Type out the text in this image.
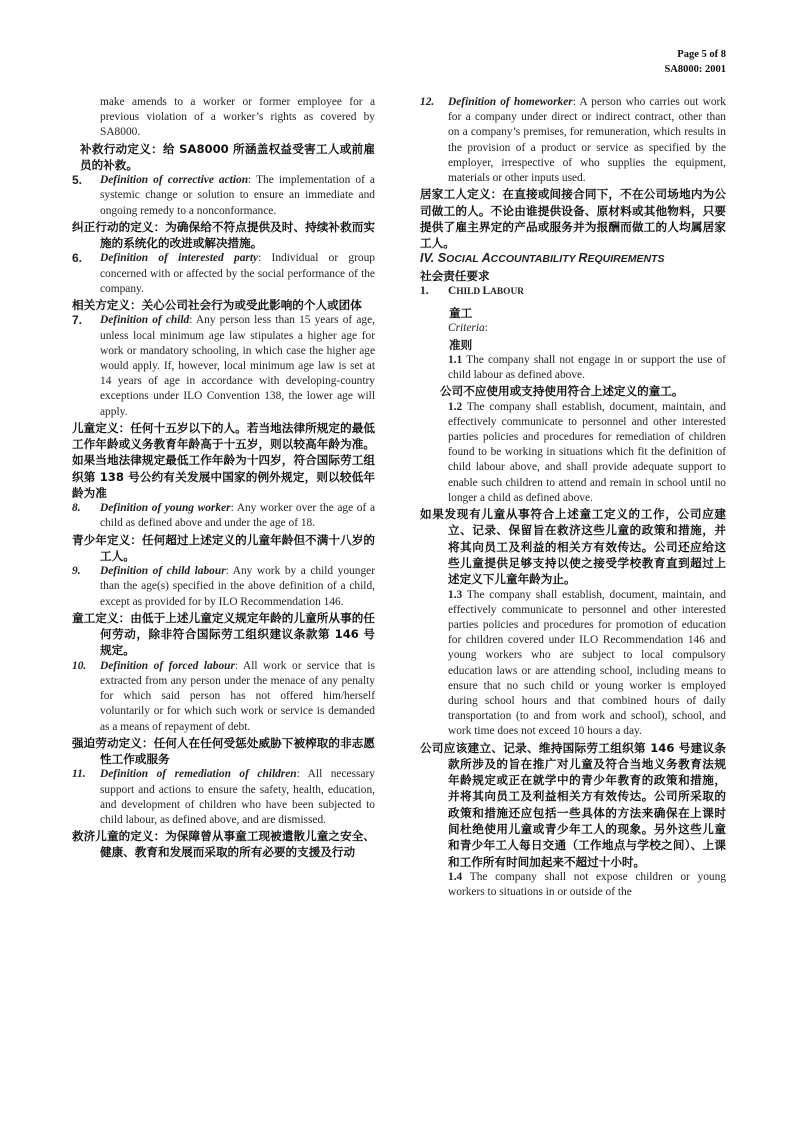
Page 5 of 8
SA8000: 2001

make amends to a worker or former employee for a previous violation of a worker’s rights as covered by SA8000.

补救行动定义：给 SA8000 所涵盖权益受害工人或前雇员的补救。

5.	Definition of corrective action: The implementation of a systemic change or solution to ensure an immediate and ongoing remedy to a nonconformance.

纠正行动的定义：为确保给不符点提供及时、持续补救而实施的系统化的改进或解决措施。

6.	Definition of interested party: Individual or group concerned with or affected by the social performance of the company.

相关方定义：关心公司社会行为或受此影响的个人或团体

7.	Definition of child: Any person less than 15 years of age, unless local minimum age law stipulates a higher age for work or mandatory schooling, in which case the higher age would apply. If, however, local minimum age law is set at 14 years of age in accordance with developing-country exceptions under ILO Convention 138, the lower age will apply.

儿童定义：任何十五岁以下的人。若当地法律所规定的最低工作年龄或义务教育年龄高于十五岁，则以较高年龄为准。如果当地法律规定最低工作年龄为十四岁，符合国际劳工组织第 138 号公约有关发展中国家的例外规定，则以较低年龄为准

8.	Definition of young worker: Any worker over the age of a child as defined above and under the age of 18.

青少年定义：任何超过上述定义的儿童年龄但不满十八岁的工人。

9.	Definition of child labour: Any work by a child younger than the age(s) specified in the above definition of a child, except as provided for by ILO Recommendation 146.

童工定义：由低于上述儿童定义规定年龄的儿童所从事的任何劳动，除非符合国际劳工组织建议条款第 146 号规定。

10.	Definition of forced labour: All work or service that is extracted from any person under the menace of any penalty for which said person has not offered him/herself voluntarily or for which such work or service is demanded as a means of repayment of debt.

强迫劳动定义：任何人在任何受惩处威胁下被榨取的非志愿性工作或服务

11.	Definition of remediation of children: All necessary support and actions to ensure the safety, health, education, and development of children who have been subjected to child labour, as defined above, and are dismissed.

救济儿童的定义：为保障曾从事童工现被遣散儿童之安全、健康、教育和发展而采取的所有必要的支援及行动

12.	Definition of homeworker: A person who carries out work for a company under direct or indirect contract, other than on a company’s premises, for remuneration, which results in the provision of a product or service as specified by the employer, irrespective of who supplies the equipment, materials or other inputs used.

居家工人定义：在直接或间接合同下，不在公司场地内为公司做工的人。不论由谁提供设备、原材料或其他物料，只要提供了雇主界定的产品或服务并为报酬而做工的人均属居家工人。

IV. SOCIAL ACCOUNTABILITY REQUIREMENTS

社会责任要求

1. CHILD LABOUR

童工

Criteria:

准则

1.1 The company shall not engage in or support the use of child labour as defined above.

公司不应使用或支持使用符合上述定义的童工。

1.2 The company shall establish, document, maintain, and effectively communicate to personnel and other interested parties policies and procedures for remediation of children found to be working in situations which fit the definition of child labour above, and shall provide adequate support to enable such children to attend and remain in school until no longer a child as defined above.

如果发现有儿童从事符合上述童工定义的工作，公司应建立、记录、保留旨在救济这些儿童的政策和措施，并将其向员工及利益的相关方有效传达。公司还应给这些儿童提供足够支持以使之接受学校教育直到超过上述定义下儿童年龄为止。

1.3 The company shall establish, document, maintain, and effectively communicate to personnel and other interested parties policies and procedures for promotion of education for children covered under ILO Recommendation 146 and young workers who are subject to local compulsory education laws or are attending school, including means to ensure that no such child or young worker is employed during school hours and that combined hours of daily transportation (to and from work and school), school, and work time does not exceed 10 hours a day.

公司应该建立、记录、维持国际劳工组织第 146 号建议条款所涉及的旨在推广对儿童及符合当地义务教育法规年龄规定或正在就学中的青少年教育的政策和措施，并将其向员工及利益相关方有效传达。公司所采取的政策和措施还应包括一些具体的方法来确保在上课时间杜绝使用儿童或青少年工人的现象。另外这些儿童和青少年工人每日交通（工作地点与学校之间）、上课和工作所有时间加起来不超过十小时。

1.4 The company shall not expose children or young workers to situations in or outside of the
